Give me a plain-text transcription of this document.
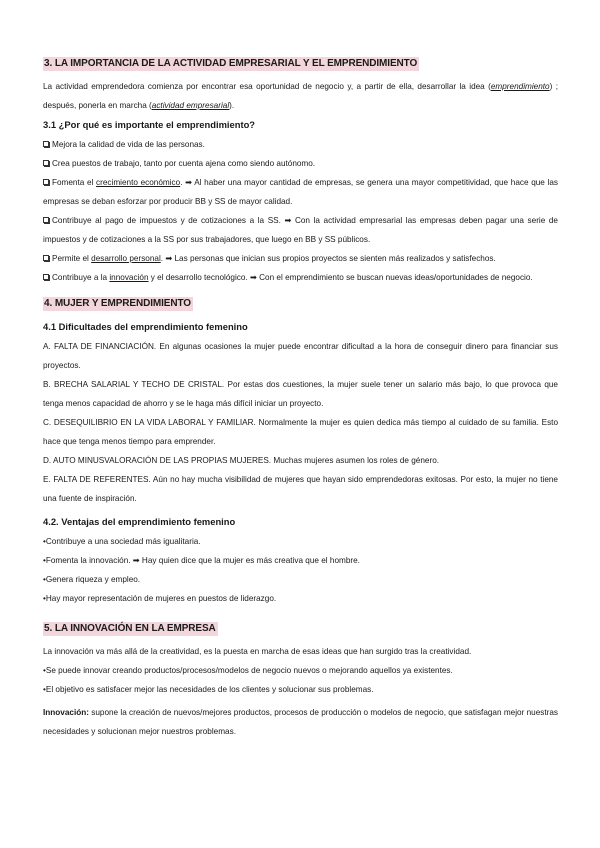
3. LA IMPORTANCIA DE LA ACTIVIDAD EMPRESARIAL Y EL EMPRENDIMIENTO

La actividad emprendedora comienza por encontrar esa oportunidad de negocio y, a partir de ella, desarrollar la idea (emprendimiento) ; después, ponerla en marcha (actividad empresarial).

3.1 ¿Por qué es importante el emprendimiento?

Mejora la calidad de vida de las personas.

Crea puestos de trabajo, tanto por cuenta ajena como siendo autónomo.

Fomenta el crecimiento económico. ➡ Al haber una mayor cantidad de empresas, se genera una mayor competitividad, que hace que las empresas se deban esforzar por producir BB y SS de mayor calidad.

Contribuye al pago de impuestos y de cotizaciones a la SS. ➡ Con la actividad empresarial las empresas deben pagar una serie de impuestos y de cotizaciones a la SS por sus trabajadores, que luego en BB y SS públicos.

Permite el desarrollo personal. ➡ Las personas que inician sus propios proyectos se sienten más realizados y satisfechos.

Contribuye a la innovación y el desarrollo tecnológico. ➡ Con el emprendimiento se buscan nuevas ideas/oportunidades de negocio.

4. MUJER Y EMPRENDIMIENTO
4.1 Dificultades del emprendimiento femenino

A. FALTA DE FINANCIACIÓN. En algunas ocasiones la mujer puede encontrar dificultad a la hora de conseguir dinero para financiar sus proyectos.

B. BRECHA SALARIAL Y TECHO DE CRISTAL. Por estas dos cuestiones, la mujer suele tener un salario más bajo, lo que provoca que tenga menos capacidad de ahorro y se le haga más difícil iniciar un proyecto.

C. DESEQUILIBRIO EN LA VIDA LABORAL Y FAMILIAR. Normalmente la mujer es quien dedica más tiempo al cuidado de su familia. Esto hace que tenga menos tiempo para emprender.

D. AUTO MINUSVALORACIÓN DE LAS PROPIAS MUJERES. Muchas mujeres asumen los roles de género.

E. FALTA DE REFERENTES. Aún no hay mucha visibilidad de mujeres que hayan sido emprendedoras exitosas. Por esto, la mujer no tiene una fuente de inspiración.

4.2. Ventajas del emprendimiento femenino

•Contribuye a una sociedad más igualitaria.

•Fomenta la innovación. ➡ Hay quien dice que la mujer es más creativa que el hombre.

•Genera riqueza y empleo.

•Hay mayor representación de mujeres en puestos de liderazgo.

5. LA INNOVACIÓN EN LA EMPRESA

La innovación va más allá de la creatividad, es la puesta en marcha de esas ideas que han surgido tras la creatividad.

•Se puede innovar creando productos/procesos/modelos de negocio nuevos o mejorando aquellos ya existentes.

•El objetivo es satisfacer mejor las necesidades de los clientes y solucionar sus problemas.

Innovación: supone la creación de nuevos/mejores productos, procesos de producción o modelos de negocio, que satisfagan mejor nuestras necesidades y solucionan mejor nuestros problemas.
